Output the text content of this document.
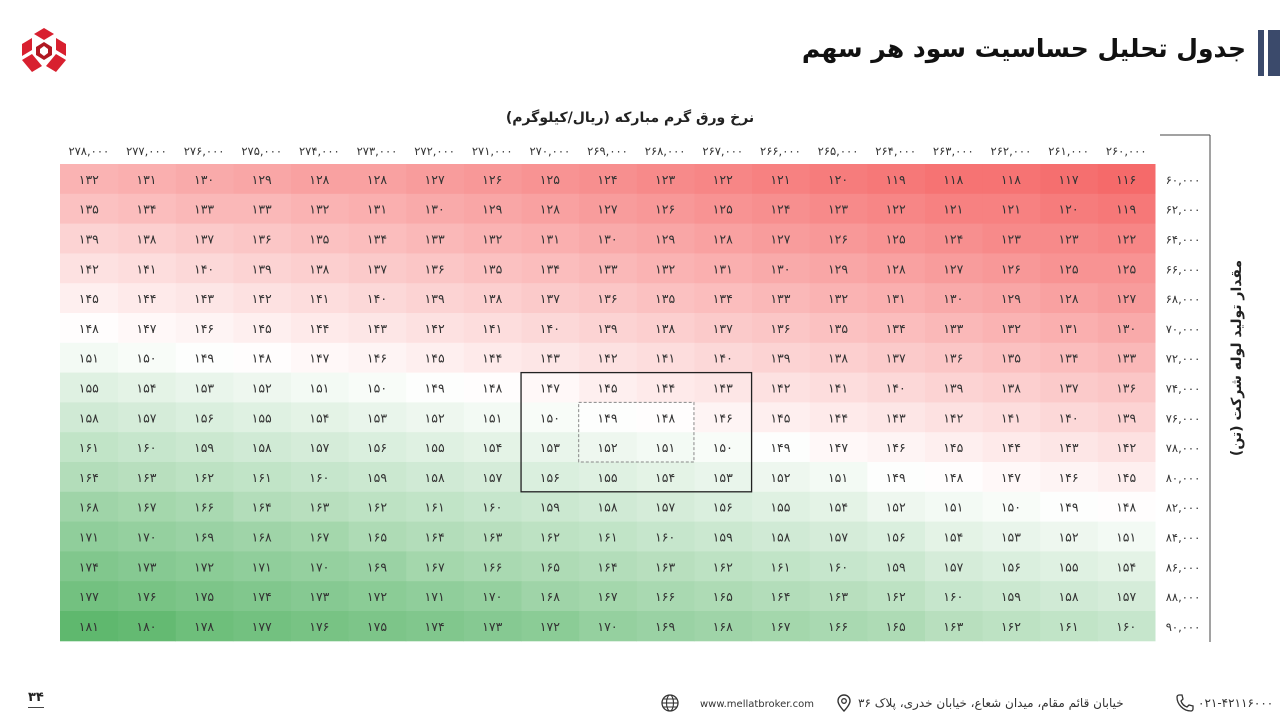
جدول تحلیل حساسیت سود هر سهم
نرخ ورق گرم مبارکه (ریال/کیلوگرم)
مقدار تولید لوله شرکت (تن)
۱۱۶
۱۱۷
۱۱۸
۱۱۸
۱۱۹
۱۲۰
۱۲۱
۱۲۲
۱۲۳
۱۲۴
۱۲۵
۱۲۶
۱۲۷
۱۲۸
۱۲۸
۱۲۹
۱۳۰
۱۳۱
۱۳۲
۱۱۹
۱۲۰
۱۲۱
۱۲۱
۱۲۲
۱۲۳
۱۲۴
۱۲۵
۱۲۶
۱۲۷
۱۲۸
۱۲۹
۱۳۰
۱۳۱
۱۳۲
۱۳۳
۱۳۳
۱۳۴
۱۳۵
۱۲۲
۱۲۳
۱۲۳
۱۲۴
۱۲۵
۱۲۶
۱۲۷
۱۲۸
۱۲۹
۱۳۰
۱۳۱
۱۳۲
۱۳۳
۱۳۴
۱۳۵
۱۳۶
۱۳۷
۱۳۸
۱۳۹
۱۲۵
۱۲۵
۱۲۶
۱۲۷
۱۲۸
۱۲۹
۱۳۰
۱۳۱
۱۳۲
۱۳۳
۱۳۴
۱۳۵
۱۳۶
۱۳۷
۱۳۸
۱۳۹
۱۴۰
۱۴۱
۱۴۲
۱۲۷
۱۲۸
۱۲۹
۱۳۰
۱۳۱
۱۳۲
۱۳۳
۱۳۴
۱۳۵
۱۳۶
۱۳۷
۱۳۸
۱۳۹
۱۴۰
۱۴۱
۱۴۲
۱۴۳
۱۴۴
۱۴۵
۱۳۰
۱۳۱
۱۳۲
۱۳۳
۱۳۴
۱۳۵
۱۳۶
۱۳۷
۱۳۸
۱۳۹
۱۴۰
۱۴۱
۱۴۲
۱۴۳
۱۴۴
۱۴۵
۱۴۶
۱۴۷
۱۴۸
۱۳۳
۱۳۴
۱۳۵
۱۳۶
۱۳۷
۱۳۸
۱۳۹
۱۴۰
۱۴۱
۱۴۲
۱۴۳
۱۴۴
۱۴۵
۱۴۶
۱۴۷
۱۴۸
۱۴۹
۱۵۰
۱۵۱
۱۳۶
۱۳۷
۱۳۸
۱۳۹
۱۴۰
۱۴۱
۱۴۲
۱۴۳
۱۴۴
۱۴۵
۱۴۷
۱۴۸
۱۴۹
۱۵۰
۱۵۱
۱۵۲
۱۵۳
۱۵۴
۱۵۵
۱۳۹
۱۴۰
۱۴۱
۱۴۲
۱۴۳
۱۴۴
۱۴۵
۱۴۶
۱۴۸
۱۴۹
۱۵۰
۱۵۱
۱۵۲
۱۵۳
۱۵۴
۱۵۵
۱۵۶
۱۵۷
۱۵۸
۱۴۲
۱۴۳
۱۴۴
۱۴۵
۱۴۶
۱۴۷
۱۴۹
۱۵۰
۱۵۱
۱۵۲
۱۵۳
۱۵۴
۱۵۵
۱۵۶
۱۵۷
۱۵۸
۱۵۹
۱۶۰
۱۶۱
۱۴۵
۱۴۶
۱۴۷
۱۴۸
۱۴۹
۱۵۱
۱۵۲
۱۵۳
۱۵۴
۱۵۵
۱۵۶
۱۵۷
۱۵۸
۱۵۹
۱۶۰
۱۶۱
۱۶۲
۱۶۳
۱۶۴
۱۴۸
۱۴۹
۱۵۰
۱۵۱
۱۵۲
۱۵۴
۱۵۵
۱۵۶
۱۵۷
۱۵۸
۱۵۹
۱۶۰
۱۶۱
۱۶۲
۱۶۳
۱۶۴
۱۶۶
۱۶۷
۱۶۸
۱۵۱
۱۵۲
۱۵۳
۱۵۴
۱۵۶
۱۵۷
۱۵۸
۱۵۹
۱۶۰
۱۶۱
۱۶۲
۱۶۳
۱۶۴
۱۶۵
۱۶۷
۱۶۸
۱۶۹
۱۷۰
۱۷۱
۱۵۴
۱۵۵
۱۵۶
۱۵۷
۱۵۹
۱۶۰
۱۶۱
۱۶۲
۱۶۳
۱۶۴
۱۶۵
۱۶۶
۱۶۷
۱۶۹
۱۷۰
۱۷۱
۱۷۲
۱۷۳
۱۷۴
۱۵۷
۱۵۸
۱۵۹
۱۶۰
۱۶۲
۱۶۳
۱۶۴
۱۶۵
۱۶۶
۱۶۷
۱۶۸
۱۷۰
۱۷۱
۱۷۲
۱۷۳
۱۷۴
۱۷۵
۱۷۶
۱۷۷
۱۶۰
۱۶۱
۱۶۲
۱۶۳
۱۶۵
۱۶۶
۱۶۷
۱۶۸
۱۶۹
۱۷۰
۱۷۲
۱۷۳
۱۷۴
۱۷۵
۱۷۶
۱۷۷
۱۷۸
۱۸۰
۱۸۱
۲۶۰,۰۰۰
۲۶۱,۰۰۰
۲۶۲,۰۰۰
۲۶۳,۰۰۰
۲۶۴,۰۰۰
۲۶۵,۰۰۰
۲۶۶,۰۰۰
۲۶۷,۰۰۰
۲۶۸,۰۰۰
۲۶۹,۰۰۰
۲۷۰,۰۰۰
۲۷۱,۰۰۰
۲۷۲,۰۰۰
۲۷۳,۰۰۰
۲۷۴,۰۰۰
۲۷۵,۰۰۰
۲۷۶,۰۰۰
۲۷۷,۰۰۰
۲۷۸,۰۰۰
۶۰,۰۰۰
۶۲,۰۰۰
۶۴,۰۰۰
۶۶,۰۰۰
۶۸,۰۰۰
۷۰,۰۰۰
۷۲,۰۰۰
۷۴,۰۰۰
۷۶,۰۰۰
۷۸,۰۰۰
۸۰,۰۰۰
۸۲,۰۰۰
۸۴,۰۰۰
۸۶,۰۰۰
۸۸,۰۰۰
۹۰,۰۰۰
۳۴	۰۲۱-۴۲۱۱۶۰۰۰
خیابان قائم مقام، میدان شعاع، خیابان خدری، پلاک ۳۶
www.mellatbroker.com
